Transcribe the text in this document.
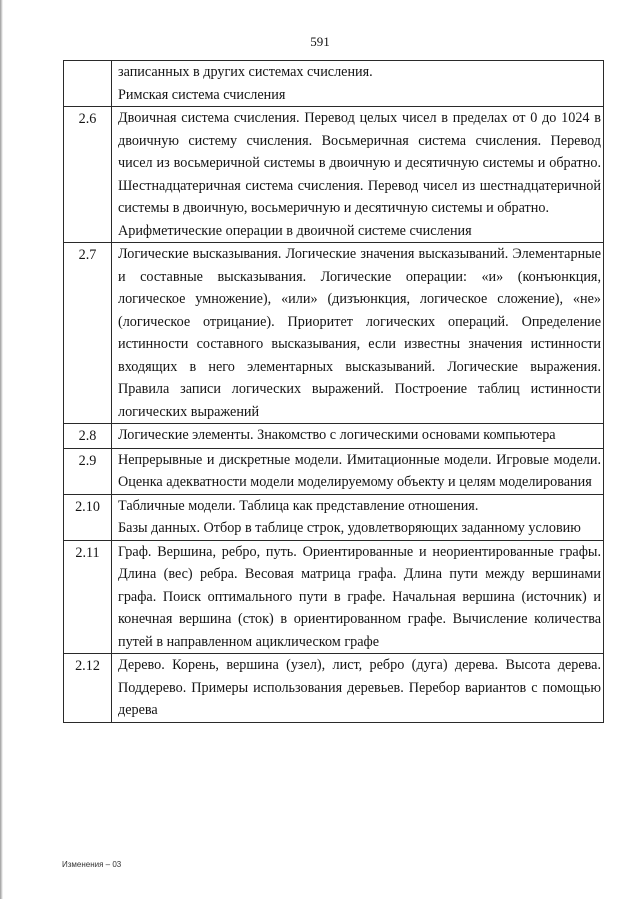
591

	записанных в других системах счисления.
Римская система счисления

2.6	Двоичная система счисления. Перевод целых чисел в пределах от 0 до 1024 в двоичную систему счисления. Восьмеричная система счисления. Перевод чисел из восьмеричной системы в двоичную и десятичную системы и обратно. Шестнадцатеричная система счисления. Перевод чисел из шестнадцатеричной системы в двоичную, восьмеричную и десятичную системы и обратно.
Арифметические операции в двоичной системе счисления

2.7	Логические высказывания. Логические значения высказываний. Элементарные и составные высказывания. Логические операции: «и» (конъюнкция, логическое умножение), «или» (дизъюнкция, логическое сложение), «не» (логическое отрицание). Приоритет логических операций. Определение истинности составного высказывания, если известны значения истинности входящих в него элементарных высказываний. Логические выражения. Правила записи логических выражений. Построение таблиц истинности логических выражений

2.8	Логические элементы. Знакомство с логическими основами компьютера

2.9	Непрерывные и дискретные модели. Имитационные модели. Игровые модели. Оценка адекватности модели моделируемому объекту и целям моделирования

2.10	Табличные модели. Таблица как представление отношения.
Базы данных. Отбор в таблице строк, удовлетворяющих заданному условию

2.11	Граф. Вершина, ребро, путь. Ориентированные и неориентированные графы. Длина (вес) ребра. Весовая матрица графа. Длина пути между вершинами графа. Поиск оптимального пути в графе. Начальная вершина (источник) и конечная вершина (сток) в ориентированном графе. Вычисление количества путей в направленном ациклическом графе

2.12	Дерево. Корень, вершина (узел), лист, ребро (дуга) дерева. Высота дерева. Поддерево. Примеры использования деревьев. Перебор вариантов с помощью дерева
Изменения – 03
